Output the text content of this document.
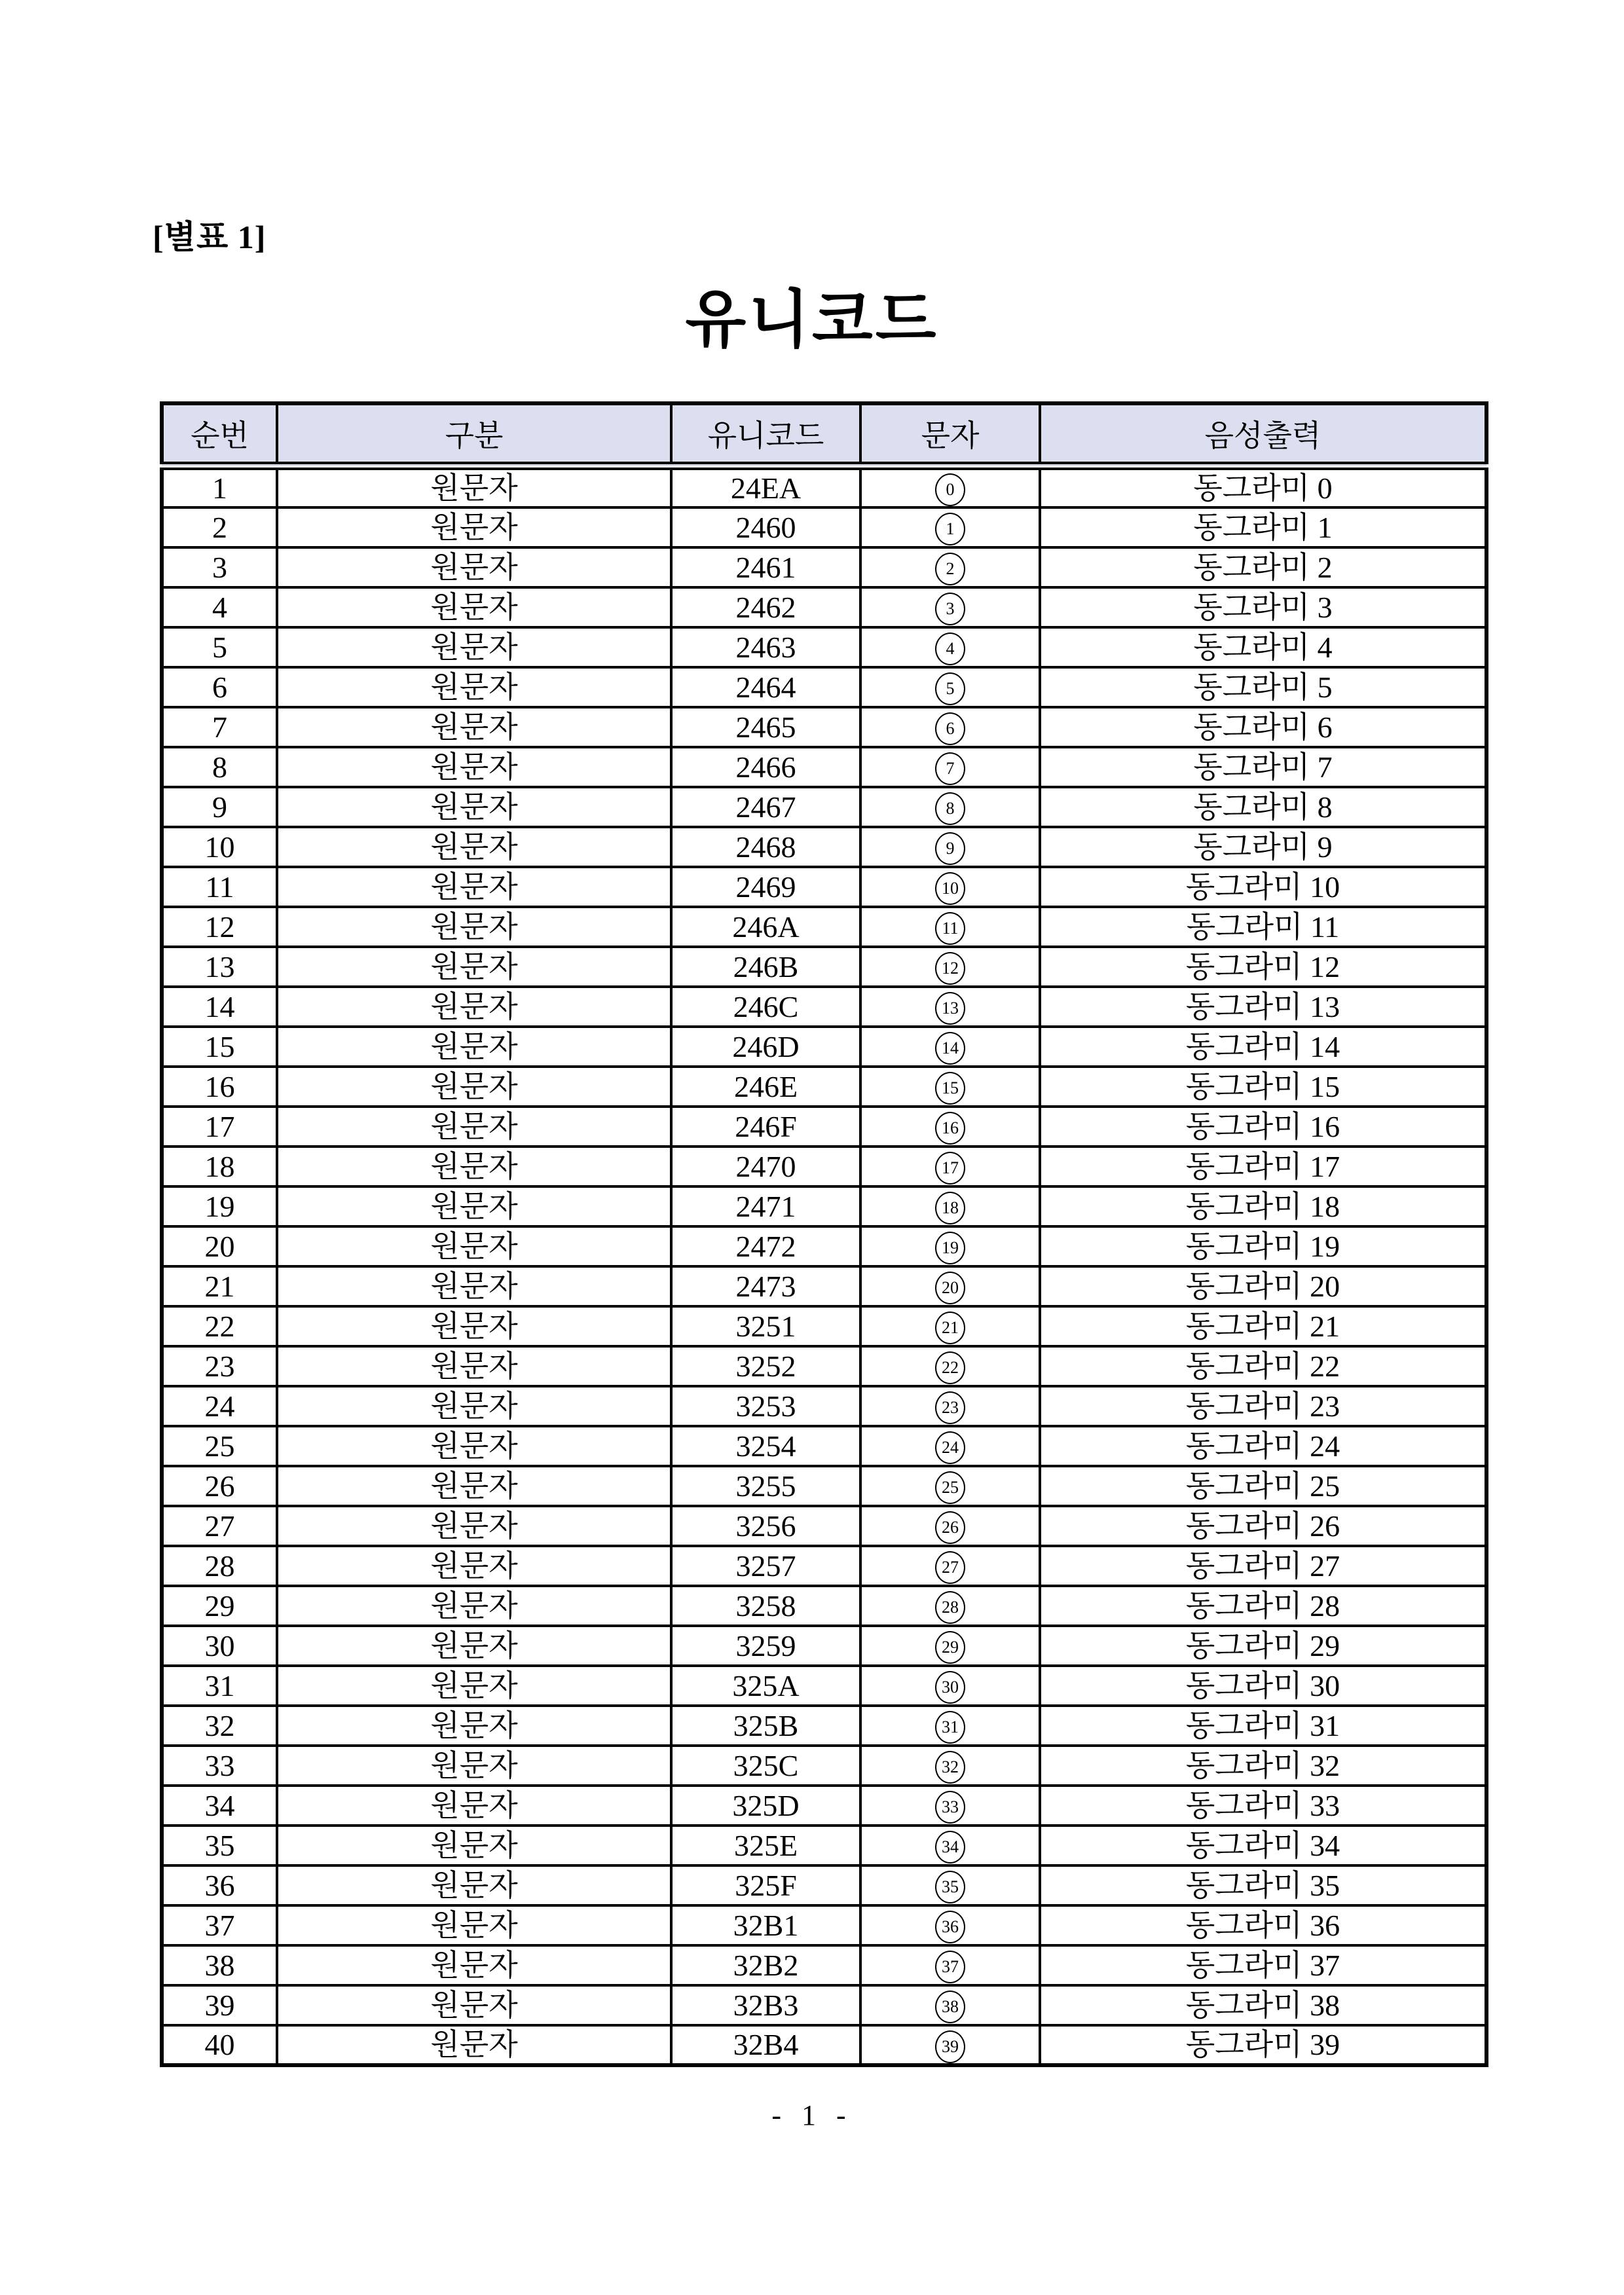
[별표 1]
유니코드
순번	구분	유니코드	문자	음성출력
1	원문자	24EA	0	동그라미 0
2	원문자	2460	1	동그라미 1
3	원문자	2461	2	동그라미 2
4	원문자	2462	3	동그라미 3
5	원문자	2463	4	동그라미 4
6	원문자	2464	5	동그라미 5
7	원문자	2465	6	동그라미 6
8	원문자	2466	7	동그라미 7
9	원문자	2467	8	동그라미 8
10	원문자	2468	9	동그라미 9
11	원문자	2469	10	동그라미 10
12	원문자	246A	11	동그라미 11
13	원문자	246B	12	동그라미 12
14	원문자	246C	13	동그라미 13
15	원문자	246D	14	동그라미 14
16	원문자	246E	15	동그라미 15
17	원문자	246F	16	동그라미 16
18	원문자	2470	17	동그라미 17
19	원문자	2471	18	동그라미 18
20	원문자	2472	19	동그라미 19
21	원문자	2473	20	동그라미 20
22	원문자	3251	21	동그라미 21
23	원문자	3252	22	동그라미 22
24	원문자	3253	23	동그라미 23
25	원문자	3254	24	동그라미 24
26	원문자	3255	25	동그라미 25
27	원문자	3256	26	동그라미 26
28	원문자	3257	27	동그라미 27
29	원문자	3258	28	동그라미 28
30	원문자	3259	29	동그라미 29
31	원문자	325A	30	동그라미 30
32	원문자	325B	31	동그라미 31
33	원문자	325C	32	동그라미 32
34	원문자	325D	33	동그라미 33
35	원문자	325E	34	동그라미 34
36	원문자	325F	35	동그라미 35
37	원문자	32B1	36	동그라미 36
38	원문자	32B2	37	동그라미 37
39	원문자	32B3	38	동그라미 38
40	원문자	32B4	39	동그라미 39
- 1 -
